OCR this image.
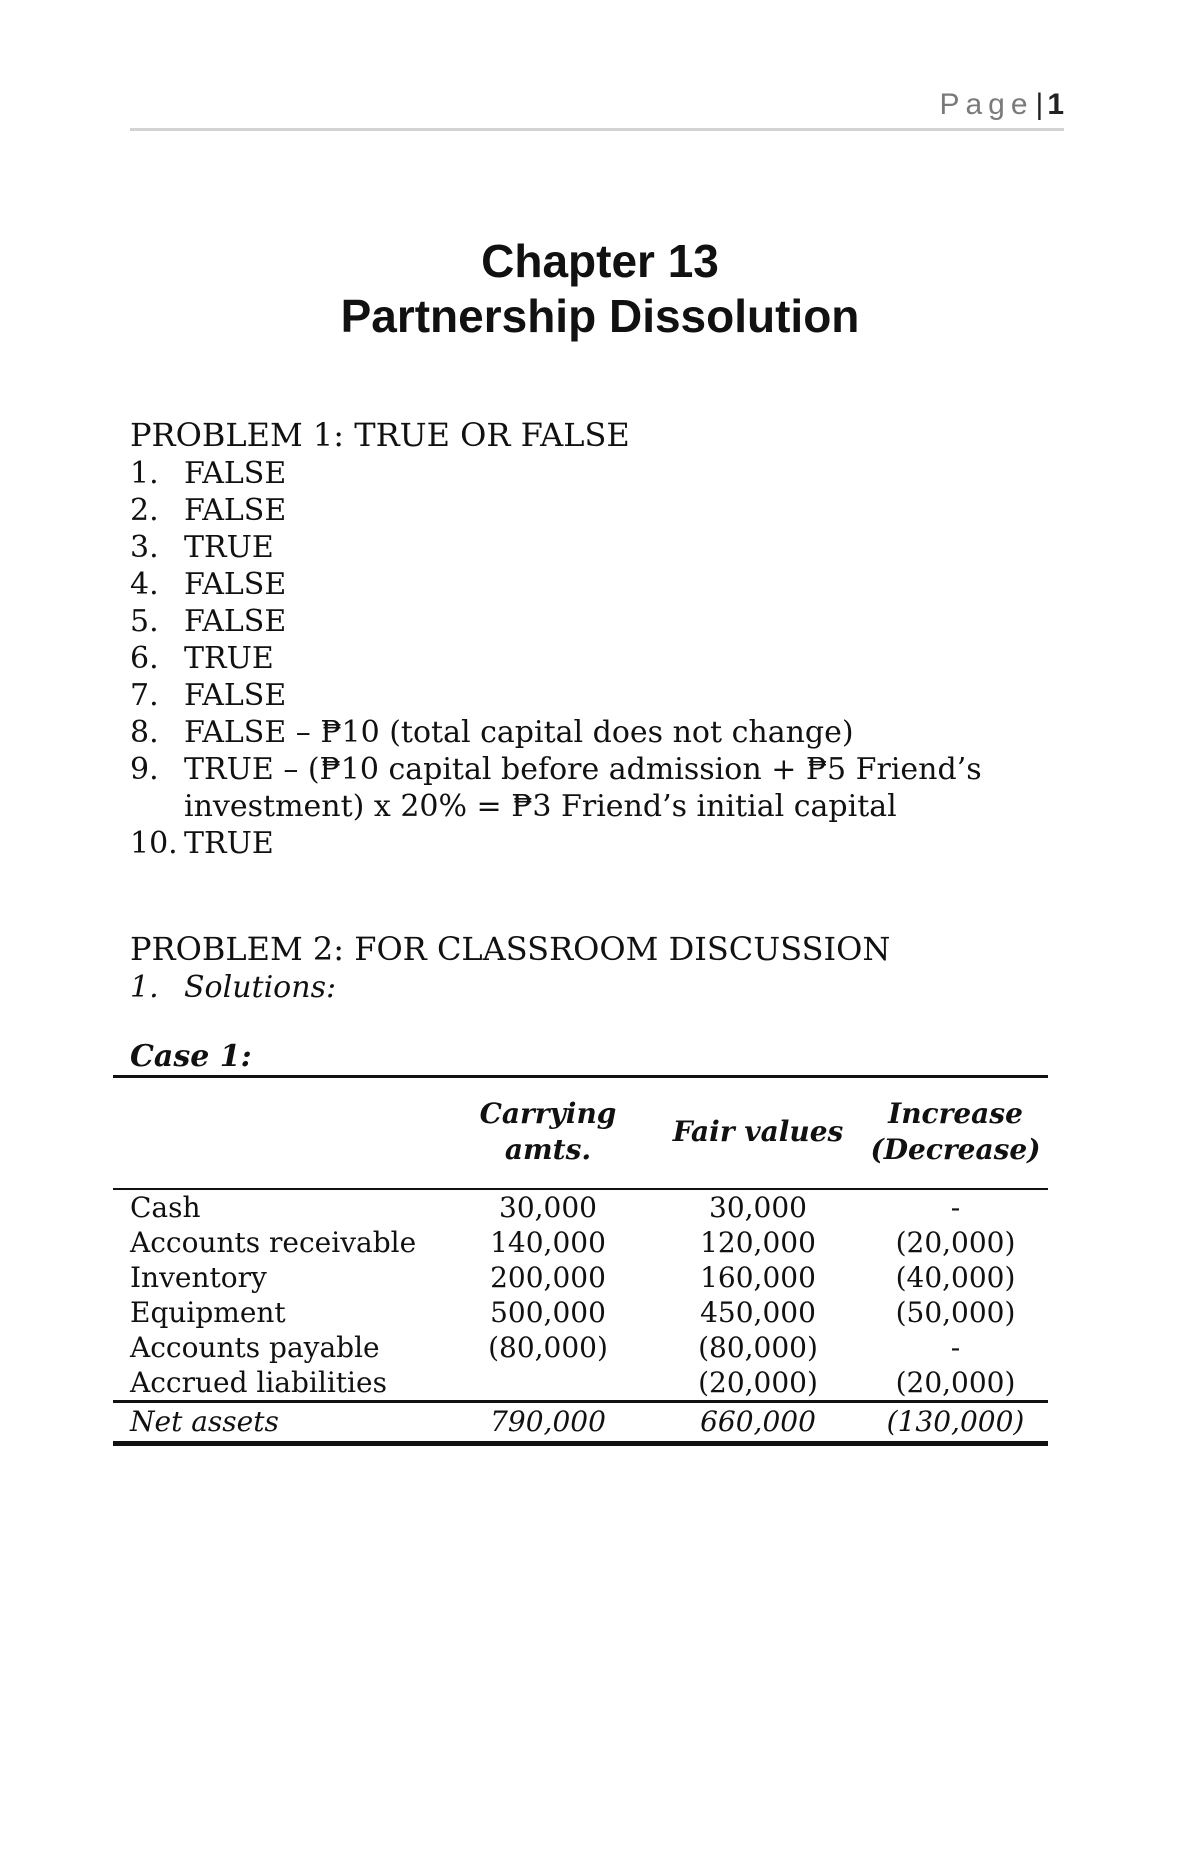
Page| 1
Chapter 13
Partnership Dissolution
PROBLEM 1: TRUE OR FALSE
1. FALSE
2. FALSE
3. TRUE
4. FALSE
5. FALSE
6. TRUE
7. FALSE
8. FALSE – ₱10 (total capital does not change)
9. TRUE – (₱10 capital before admission + ₱5 Friend’s investment) x 20% = ₱3 Friend’s initial capital
10. TRUE
PROBLEM 2: FOR CLASSROOM DISCUSSION
1. Solutions:
Case 1:
	Carrying amts.	Fair values	Increase (Decrease)
Cash	30,000	30,000	-
Accounts receivable	140,000	120,000	(20,000)
Inventory	200,000	160,000	(40,000)
Equipment	500,000	450,000	(50,000)
Accounts payable	(80,000)	(80,000)	-
Accrued liabilities		(20,000)	(20,000)
Net assets	790,000	660,000	(130,000)
